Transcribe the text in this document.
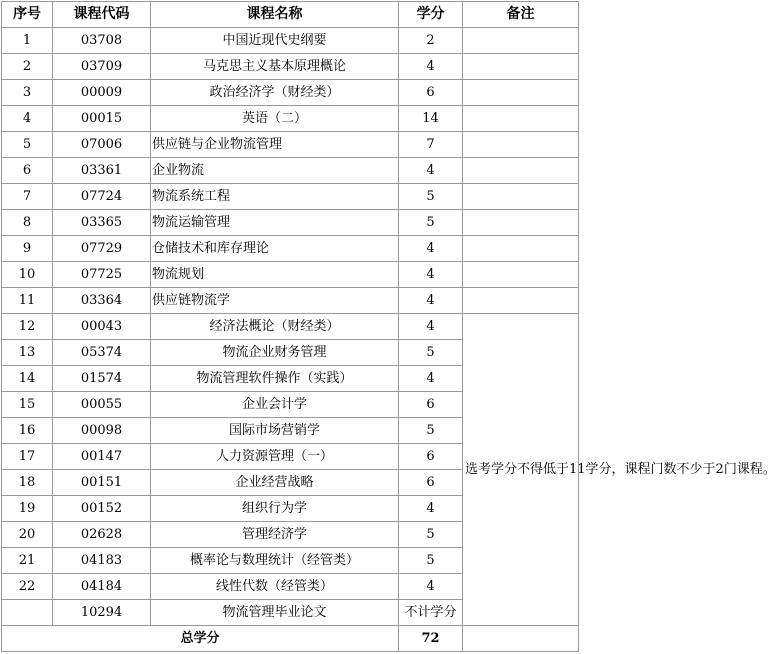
序号	课程代码	课程名称	学分	备注
1	03708	中国近现代史纲要	2	
2	03709	马克思主义基本原理概论	4	
3	00009	政治经济学（财经类）	6	
4	00015	英语（二）	14	
5	07006	供应链与企业物流管理	7	
6	03361	企业物流	4	
7	07724	物流系统工程	5	
8	03365	物流运输管理	5	
9	07729	仓储技术和库存理论	4	
10	07725	物流规划	4	
11	03364	供应链物流学	4	
12	00043	经济法概论（财经类）	4	选考学分不得低于11学分，课程门数不少于2门课程。
13	05374	物流企业财务管理	5	
14	01574	物流管理软件操作（实践）	4	
15	00055	企业会计学	6	
16	00098	国际市场营销学	5	
17	00147	人力资源管理（一）	6	
18	00151	企业经营战略	6	
19	00152	组织行为学	4	
20	02628	管理经济学	5	
21	04183	概率论与数理统计（经管类）	5	
22	04184	线性代数（经管类）	4	
	10294	物流管理毕业论文	不计学分	
总学分			72	
